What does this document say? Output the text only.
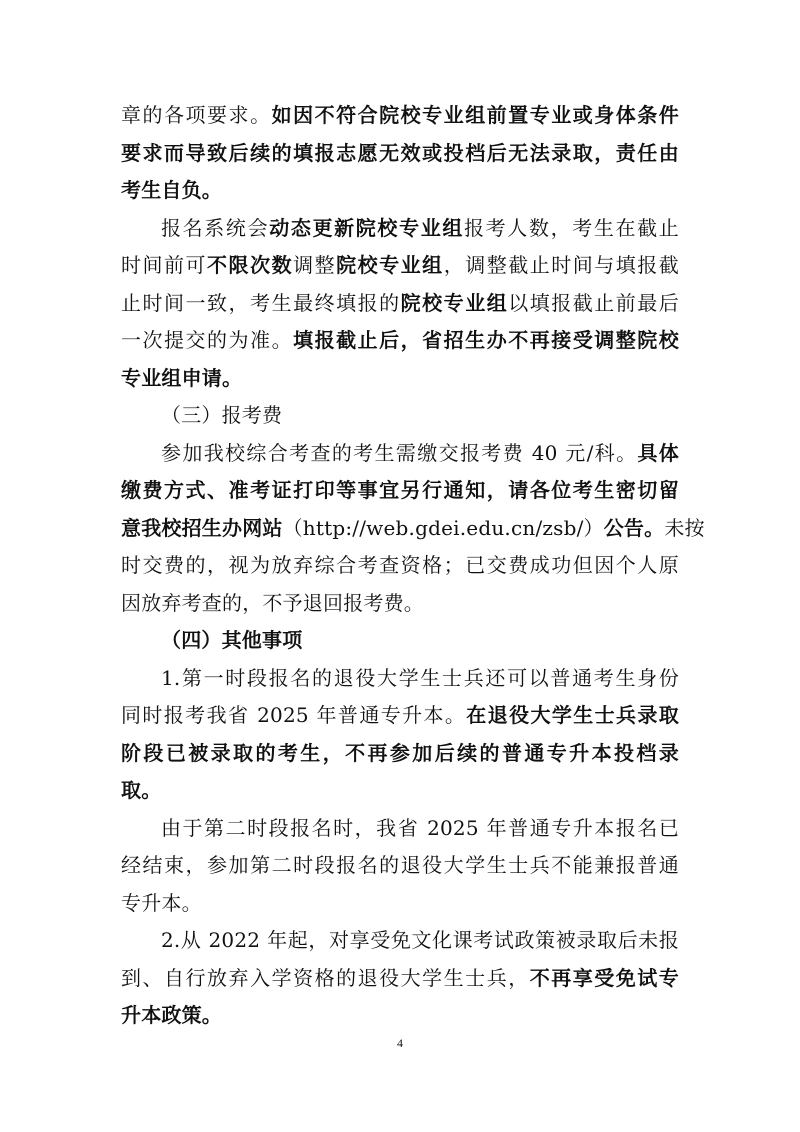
章的各项要求。如因不符合院校专业组前置专业或身体条件
要求而导致后续的填报志愿无效或投档后无法录取，责任由
考生自负。
报名系统会动态更新院校专业组报考人数，考生在截止
时间前可不限次数调整院校专业组，调整截止时间与填报截
止时间一致，考生最终填报的院校专业组以填报截止前最后
一次提交的为准。填报截止后，省招生办不再接受调整院校
专业组申请。
（三）报考费
参加我校综合考查的考生需缴交报考费 40 元/科。具体
缴费方式、准考证打印等事宜另行通知，请各位考生密切留
意我校招生办网站（http://web.gdei.edu.cn/zsb/）公告。未按
时交费的，视为放弃综合考查资格；已交费成功但因个人原
因放弃考查的，不予退回报考费。
（四）其他事项
1.第一时段报名的退役大学生士兵还可以普通考生身份
同时报考我省 2025 年普通专升本。在退役大学生士兵录取
阶段已被录取的考生，不再参加后续的普通专升本投档录
取。
由于第二时段报名时，我省 2025 年普通专升本报名已
经结束，参加第二时段报名的退役大学生士兵不能兼报普通
专升本。
2.从 2022 年起，对享受免文化课考试政策被录取后未报
到、自行放弃入学资格的退役大学生士兵，不再享受免试专
升本政策。
4
